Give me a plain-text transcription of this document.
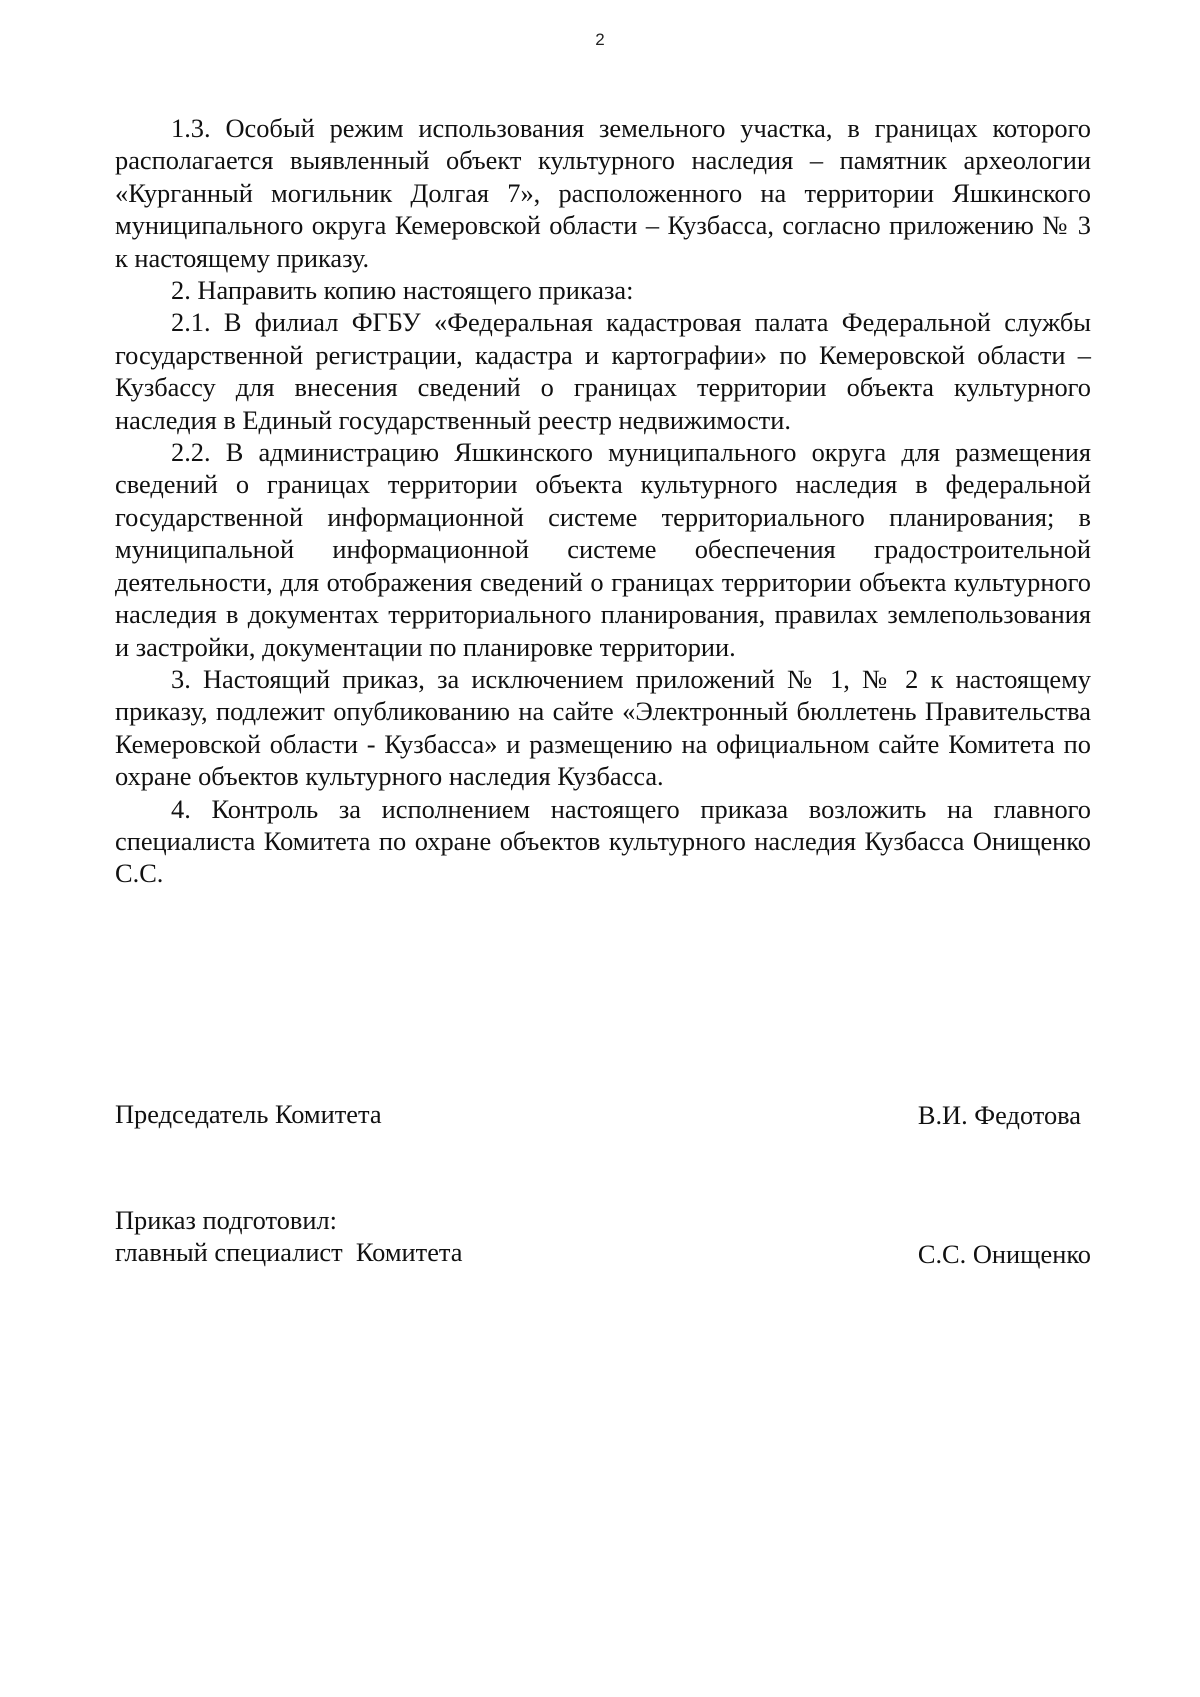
2

1.3. Особый режим использования земельного участка, в границах которого располагается выявленный объект культурного наследия – памятник археологии «Курганный могильник Долгая 7», расположенного на территории Яшкинского муниципального округа Кемеровской области – Кузбасса, согласно приложению № 3 к настоящему приказу.

2. Направить копию настоящего приказа:

2.1. В филиал ФГБУ «Федеральная кадастровая палата Федеральной службы государственной регистрации, кадастра и картографии» по Кемеровской области – Кузбассу для внесения сведений о границах территории объекта культурного наследия в Единый государственный реестр недвижимости.

2.2. В администрацию Яшкинского муниципального округа для размещения сведений о границах территории объекта культурного наследия в федеральной государственной информационной системе территориального планирования; в муниципальной информационной системе обеспечения градостроительной деятельности, для отображения сведений о границах территории объекта культурного наследия в документах территориального планирования, правилах землепользования и застройки, документации по планировке территории.

3. Настоящий приказ, за исключением приложений № 1, № 2 к настоящему приказу, подлежит опубликованию на сайте «Электронный бюллетень Правительства Кемеровской области - Кузбасса» и размещению на официальном сайте Комитета по охране объектов культурного наследия Кузбасса.

4. Контроль за исполнением настоящего приказа возложить на главного специалиста Комитета по охране объектов культурного наследия Кузбасса Онищенко С.С.

Председатель Комитета	В.И. Федотова
Приказ подготовил:
главный специалист  Комитета	С.С. Онищенко
